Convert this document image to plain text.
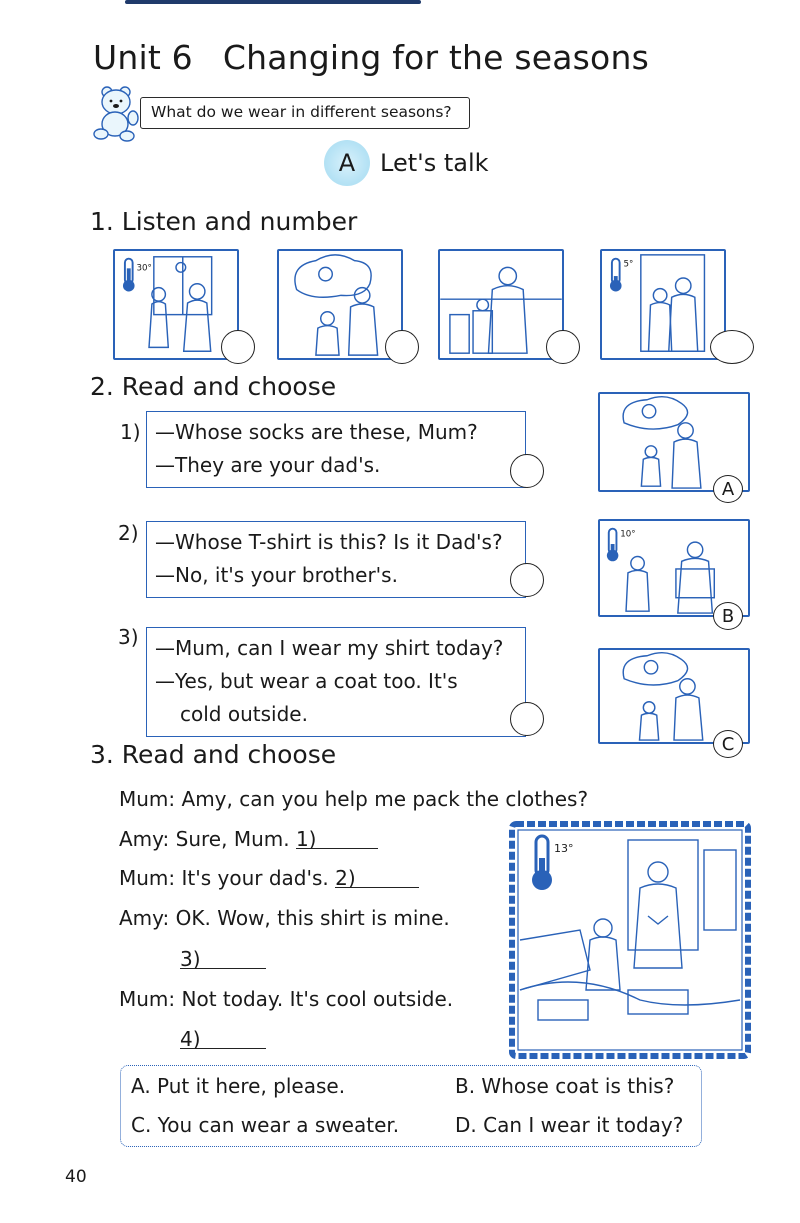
Unit 6 Changing for the seasons
What do we wear in different seasons?
A	Let's talk
1. Listen and number
30°	5°
2. Read and choose
1) —Whose socks are these, Mum?
—They are your dad's.
2) —Whose T-shirt is this? Is it Dad's?
—No, it's your brother's.
3) —Mum, can I wear my shirt today?
—Yes, but wear a coat too. It's
cold outside.
A
10°
B
C
3. Read and choose
Mum: Amy, can you help me pack the clothes?
Amy: Sure, Mum. 1)
Mum: It's your dad's. 2)
Amy: OK. Wow, this shirt is mine.
3)
Mum: Not today. It's cool outside.
4)
13°
A. Put it here, please.	B. Whose coat is this?
C. You can wear a sweater.	D. Can I wear it today?
40
